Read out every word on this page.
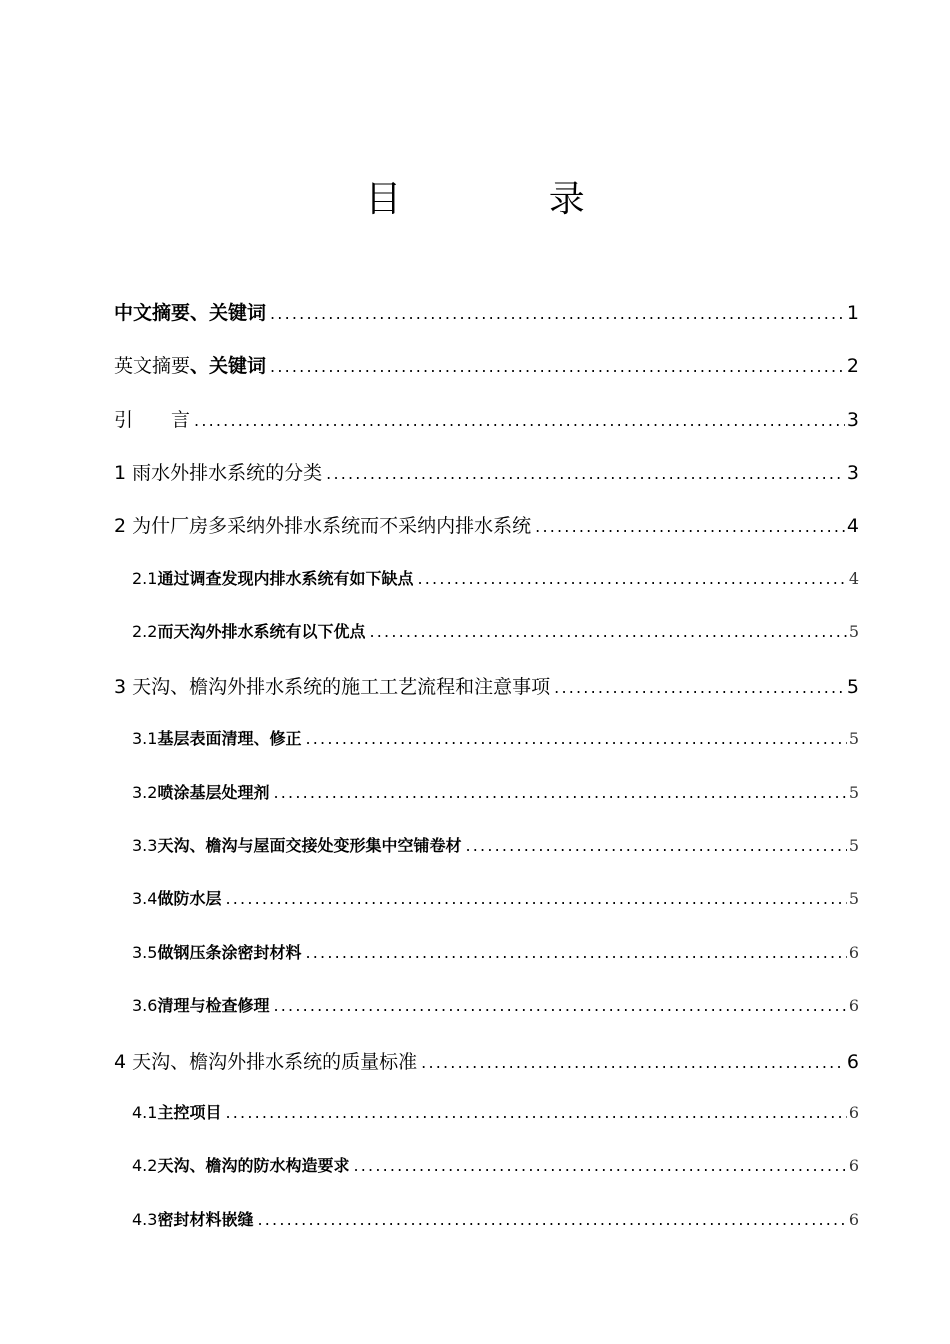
目 录
中文摘要、关键词 .....	1
英文摘要、关键词 .....	2
引 言 .....	3
1 雨水外排水系统的分类 .....	3
2 为什厂房多采纳外排水系统而不采纳内排水系统 .....	4
2.1通过调查发现内排水系统有如下缺点 .....	4
2.2而天沟外排水系统有以下优点 .....	5
3 天沟、檐沟外排水系统的施工工艺流程和注意事项 .....	5
3.1基层表面清理、修正 .....	5
3.2喷涂基层处理剂 .....	5
3.3天沟、檐沟与屋面交接处变形集中空铺卷材 .....	5
3.4做防水层 .....	5
3.5做钢压条涂密封材料 .....	6
3.6清理与检查修理 .....	6
4 天沟、檐沟外排水系统的质量标准 .....	6
4.1主控项目 .....	6
4.2天沟、檐沟的防水构造要求 .....	6
4.3密封材料嵌缝 .....	6
